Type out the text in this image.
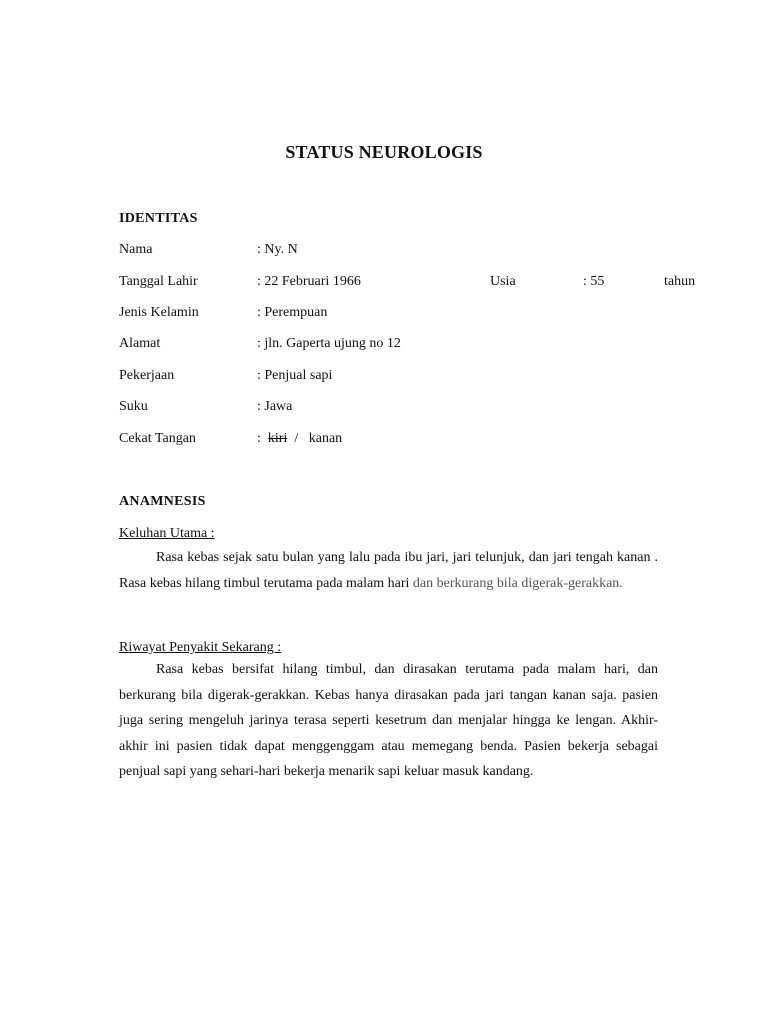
STATUS NEUROLOGIS
IDENTITAS
Nama	: Ny. N
Tanggal Lahir	: 22 Februari 1966	Usia	: 55	tahun
Jenis Kelamin	: Perempuan
Alamat	: jln. Gaperta ujung no 12
Pekerjaan	: Penjual sapi
Suku	: Jawa
Cekat Tangan	: kiri / kanan
ANAMNESIS
Keluhan Utama :
Rasa kebas sejak satu bulan yang lalu pada ibu jari, jari telunjuk, dan jari tengah kanan . Rasa kebas hilang timbul terutama pada malam hari dan berkurang bila digerak-gerakkan.
Riwayat Penyakit Sekarang :
Rasa kebas bersifat hilang timbul, dan dirasakan terutama pada malam hari, dan berkurang bila digerak-gerakkan. Kebas hanya dirasakan pada jari tangan kanan saja. pasien juga sering mengeluh jarinya terasa seperti kesetrum dan menjalar hingga ke lengan. Akhir-akhir ini pasien tidak dapat menggenggam atau memegang benda. Pasien bekerja sebagai penjual sapi yang sehari-hari bekerja menarik sapi keluar masuk kandang.
